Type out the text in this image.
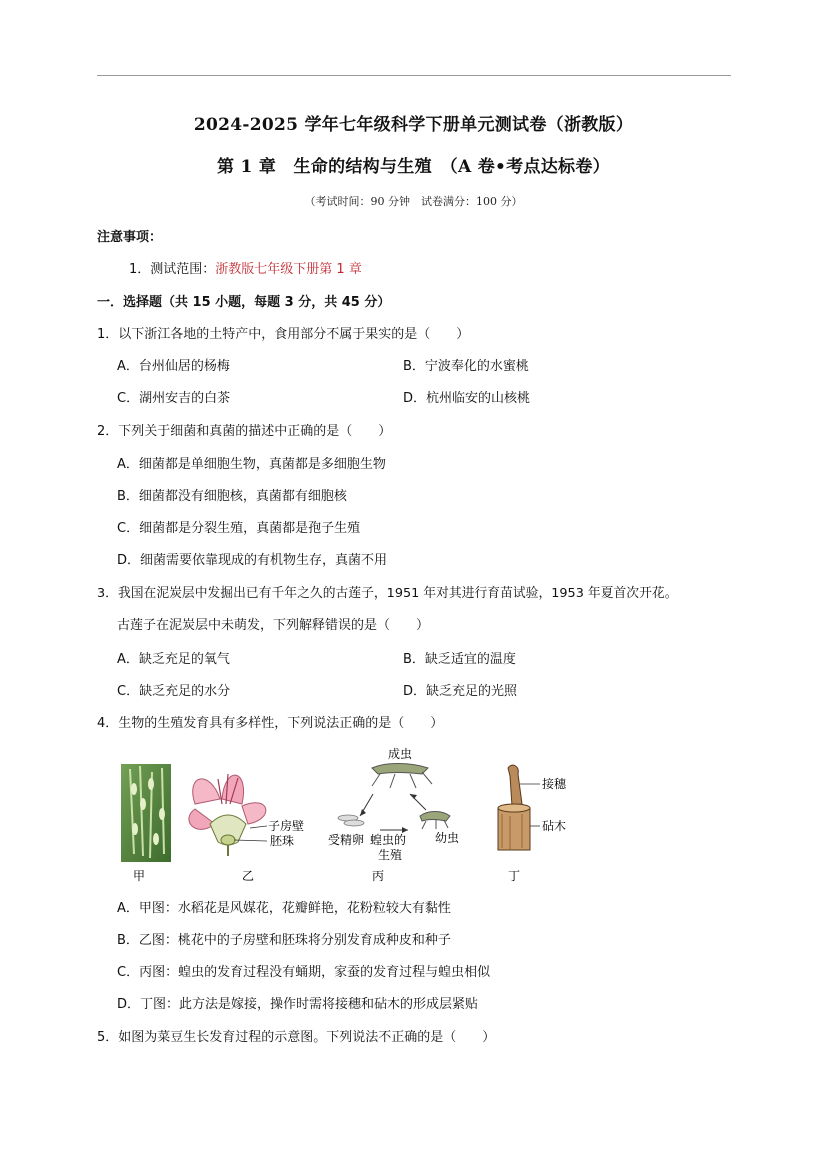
2024-2025 学年七年级科学下册单元测试卷（浙教版）
第 1 章　生命的结构与生殖　（A 卷•考点达标卷）
（考试时间：90 分钟　试卷满分：100 分）
注意事项：
1．测试范围：浙教版七年级下册第 1 章
一．选择题（共 15 小题，每题 3 分，共 45 分）
1．以下浙江各地的土特产中，食用部分不属于果实的是（　　）
A．台州仙居的杨梅	B．宁波奉化的水蜜桃
C．湖州安吉的白茶	D．杭州临安的山核桃
2．下列关于细菌和真菌的描述中正确的是（　　）
A．细菌都是单细胞生物，真菌都是多细胞生物
B．细菌都没有细胞核，真菌都有细胞核
C．细菌都是分裂生殖，真菌都是孢子生殖
D．细菌需要依靠现成的有机物生存，真菌不用
3．我国在泥炭层中发掘出已有千年之久的古莲子，1951 年对其进行育苗试验，1953 年夏首次开花。
古莲子在泥炭层中未萌发，下列解释错误的是（　　）
A．缺乏充足的氧气	B．缺乏适宜的温度
C．缺乏充足的水分	D．缺乏充足的光照
4．生物的生殖发育具有多样性，下列说法正确的是（　　）
甲
子房壁
胚珠
乙
成虫
受精卵 蝗虫的
生殖
幼虫
丙
接穗
砧木
丁
A．甲图：水稻花是风媒花，花瓣鲜艳，花粉粒较大有黏性
B．乙图：桃花中的子房壁和胚珠将分别发育成种皮和种子
C．丙图：蝗虫的发育过程没有蛹期，家蚕的发育过程与蝗虫相似
D．丁图：此方法是嫁接，操作时需将接穗和砧木的形成层紧贴
5．如图为菜豆生长发育过程的示意图。下列说法不正确的是（　　）
